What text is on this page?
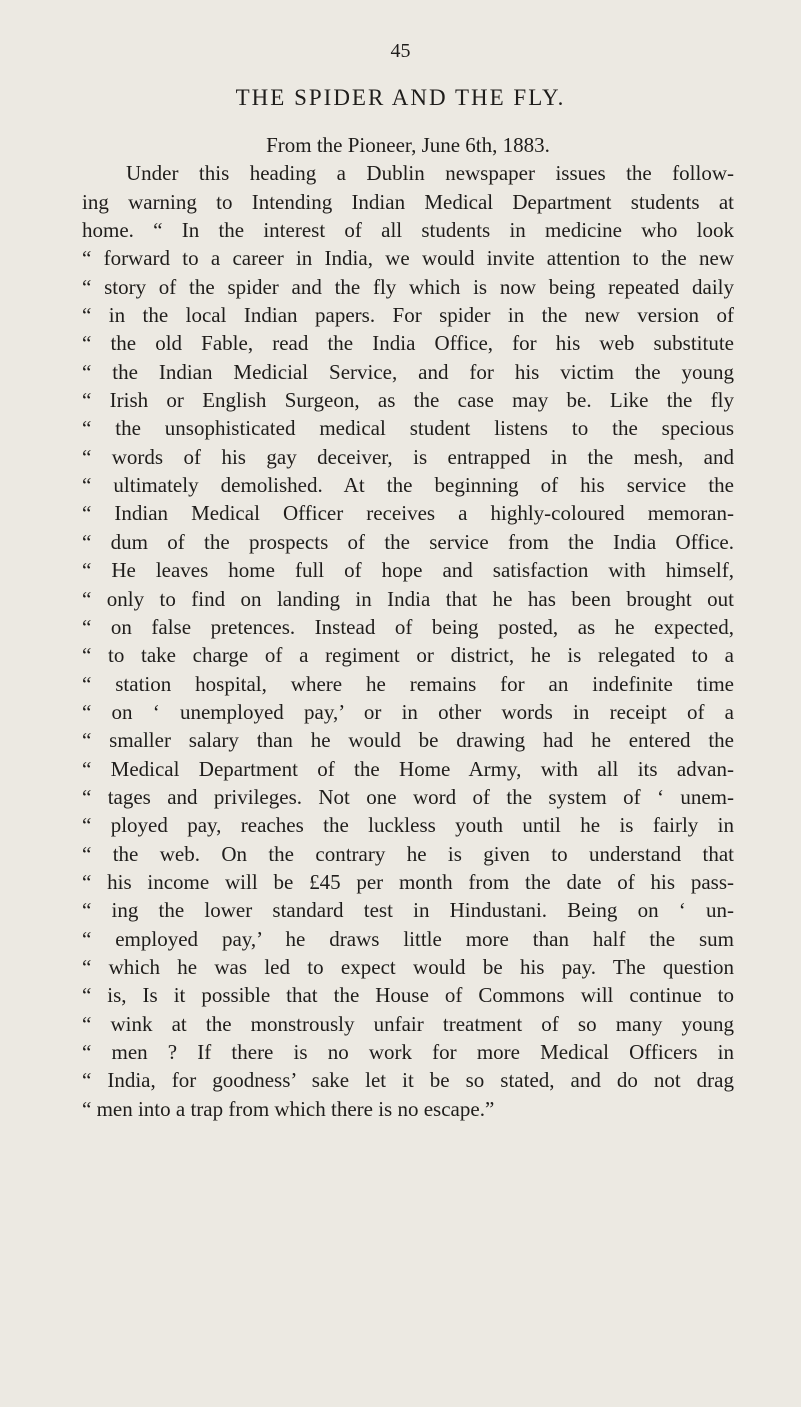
45
THE SPIDER AND THE FLY.
From the Pioneer, June 6th, 1883.
Under this heading a Dublin newspaper issues the follow-
ing warning to Intending Indian Medical Department students at
home. “ In the interest of all students in medicine who look
“ forward to a career in India, we would invite attention to the new
“ story of the spider and the fly which is now being repeated daily
“ in the local Indian papers. For spider in the new version of
“ the old Fable, read the India Office, for his web substitute
“ the Indian Medicial Service, and for his victim the young
“ Irish or English Surgeon, as the case may be. Like the fly
“ the unsophisticated medical student listens to the specious
“ words of his gay deceiver, is entrapped in the mesh, and
“ ultimately demolished. At the beginning of his service the
“ Indian Medical Officer receives a highly-coloured memoran-
“ dum of the prospects of the service from the India Office.
“ He leaves home full of hope and satisfaction with himself,
“ only to find on landing in India that he has been brought out
“ on false pretences. Instead of being posted, as he expected,
“ to take charge of a regiment or district, he is relegated to a
“ station hospital, where he remains for an indefinite time
“ on ‘ unemployed pay,’ or in other words in receipt of a
“ smaller salary than he would be drawing had he entered the
“ Medical Department of the Home Army, with all its advan-
“ tages and privileges. Not one word of the system of ‘ unem-
“ ployed pay, reaches the luckless youth until he is fairly in
“ the web. On the contrary he is given to understand that
“ his income will be £45 per month from the date of his pass-
“ ing the lower standard test in Hindustani. Being on ‘ un-
“ employed pay,’ he draws little more than half the sum
“ which he was led to expect would be his pay. The question
“ is, Is it possible that the House of Commons will continue to
“ wink at the monstrously unfair treatment of so many young
“ men ? If there is no work for more Medical Officers in
“ India, for goodness’ sake let it be so stated, and do not drag
“ men into a trap from which there is no escape.”
